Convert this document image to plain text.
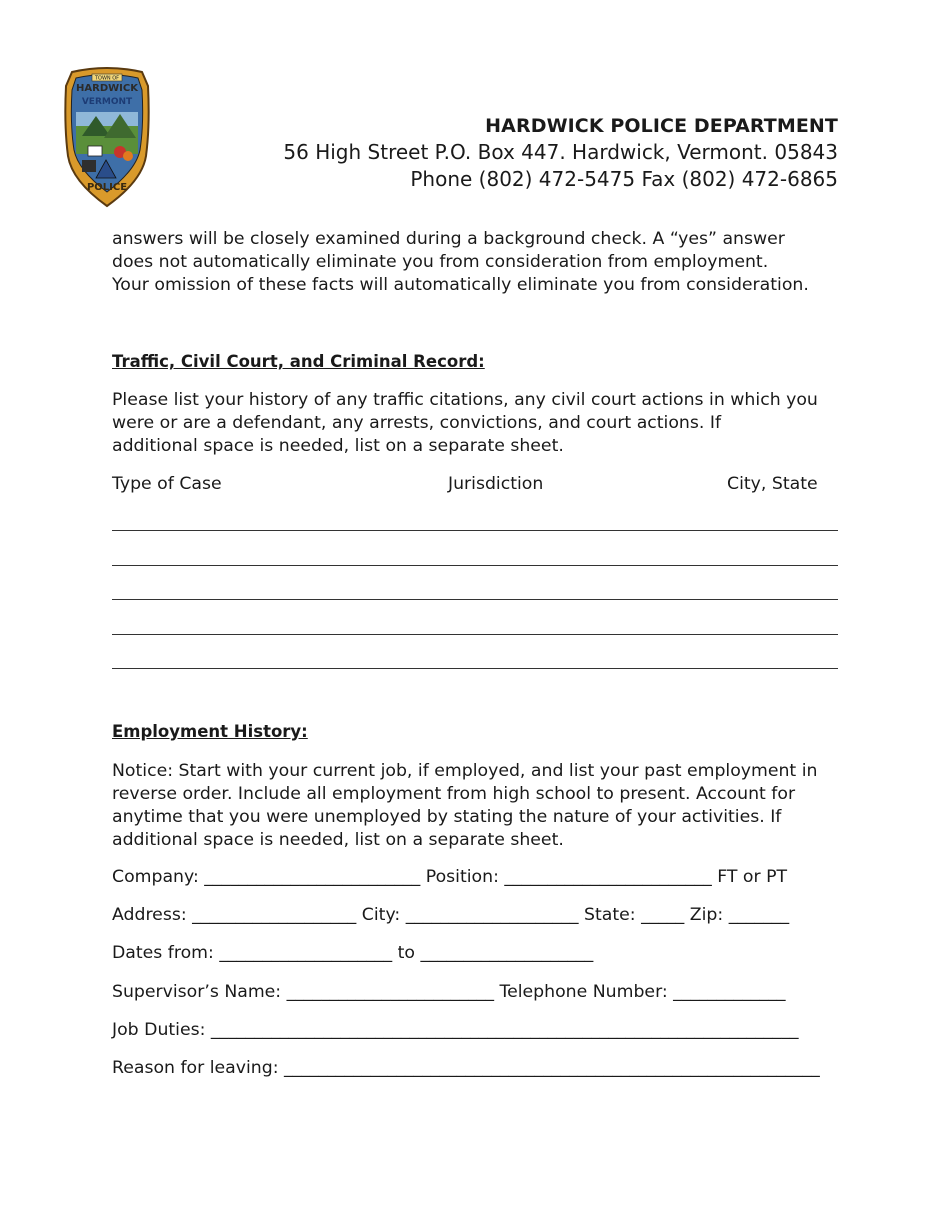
TOWN OF
HARDWICK
VERMONT
POLICE
HARDWICK POLICE DEPARTMENT
56 High Street P.O. Box 447. Hardwick, Vermont. 05843
Phone (802) 472-5475 Fax (802) 472-6865
answers will be closely examined during a background check. A “yes” answer
does not automatically eliminate you from consideration from employment.
Your omission of these facts will automatically eliminate you from consideration.
Traffic, Civil Court, and Criminal Record:
Please list your history of any traffic citations, any civil court actions in which you
were or are a defendant, any arrests, convictions, and court actions. If
additional space is needed, list on a separate sheet.
Type of Case	Jurisdiction	City, State
Employment History:
Notice: Start with your current job, if employed, and list your past employment in
reverse order. Include all employment from high school to present. Account for
anytime that you were unemployed by stating the nature of your activities. If
additional space is needed, list on a separate sheet.
Company: _________________________ Position: ________________________ FT or PT
Address: ___________________ City: ____________________ State: _____ Zip: _______
Dates from: ____________________ to ____________________
Supervisor’s Name: ________________________ Telephone Number: _____________
Job Duties: ____________________________________________________________________
Reason for leaving: ______________________________________________________________
